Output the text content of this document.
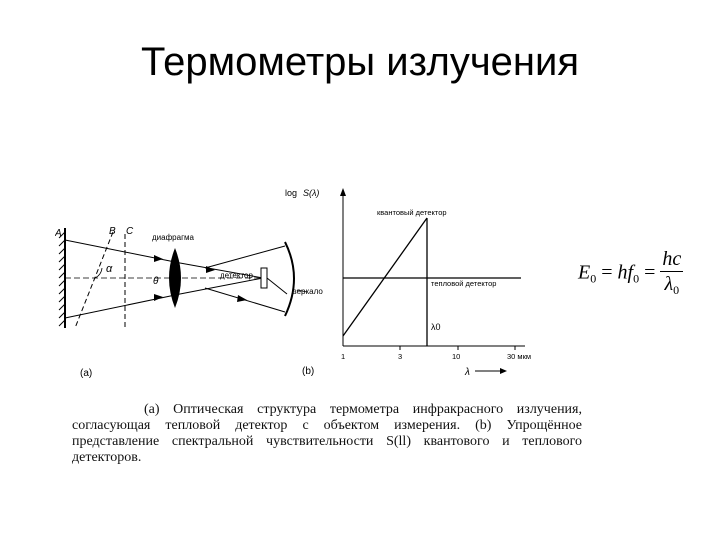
Термометры излучения
A	B C
α
θ
диафрагма
детектор
зеркало
(a)
log S(λ)
квантовый детектор
тепловой детектор
λ0
1	3	10	30 мкм
λ
(b)
$E_0 = hf_0 = \frac{hc}{\lambda_0}$
(a) Оптическая структура термометра инфракрасного излучения, согласующая тепловой детектор с объектом измерения. (b) Упрощённое представление спектральной чувствительности S(ll) квантового и теплового детекторов.
